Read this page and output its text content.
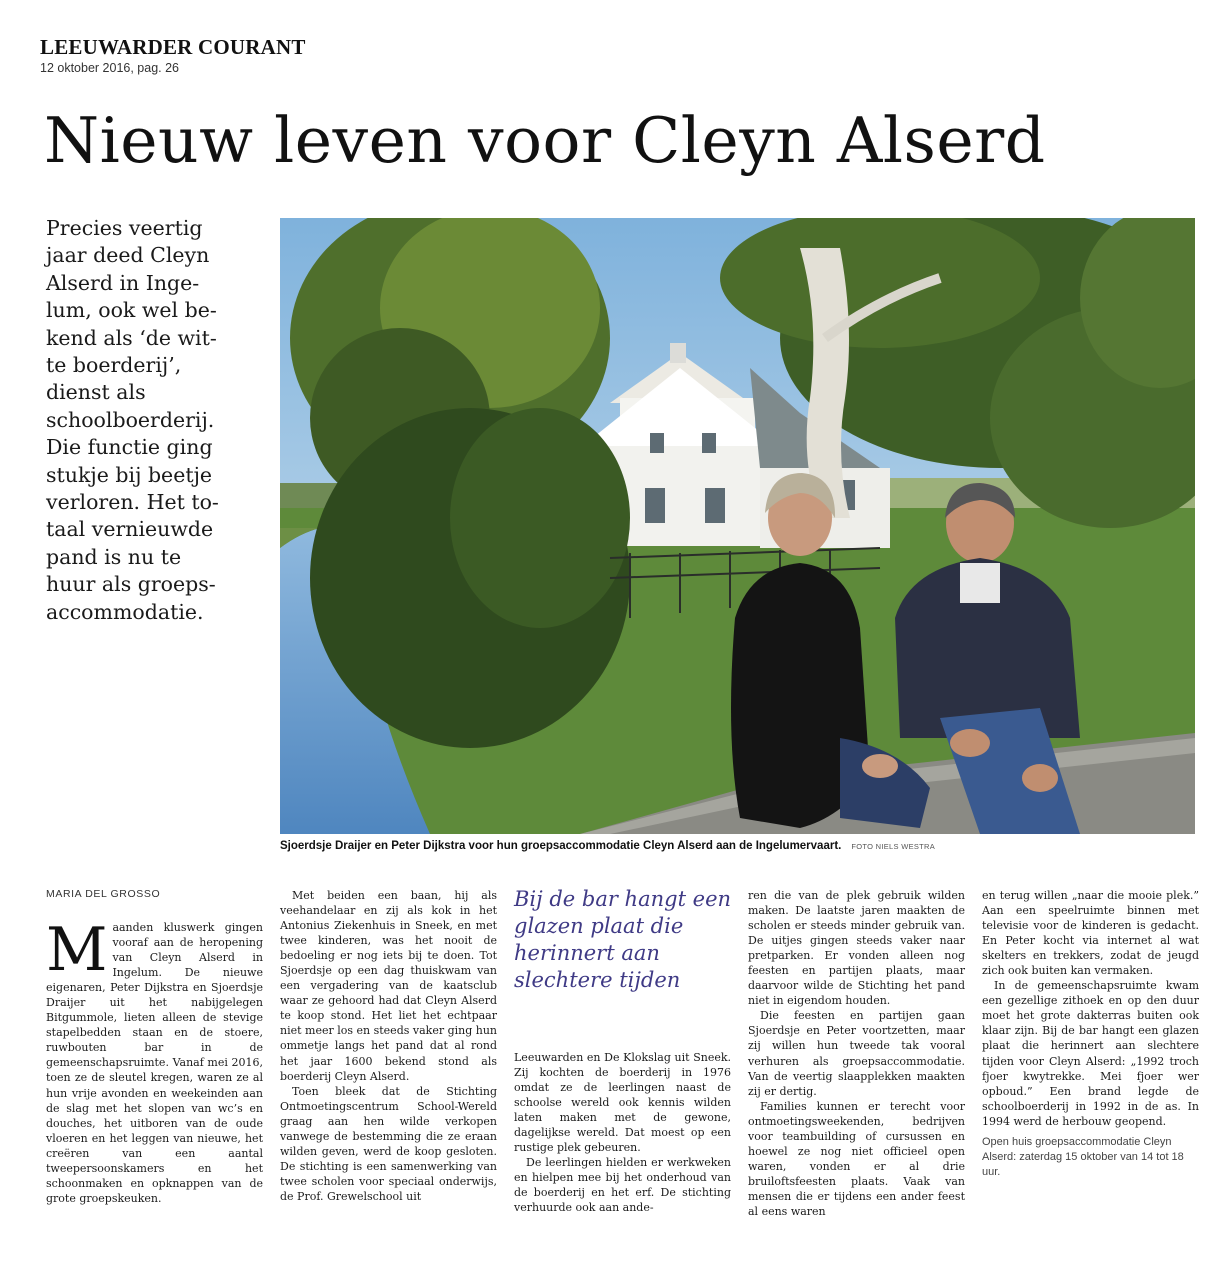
LEEUWARDER COURANT
12 oktober 2016, pag. 26
Nieuw leven voor Cleyn Alserd
Precies veertig
jaar deed Cleyn
Alserd in Inge-
lum, ook wel be-
kend als ‘de wit-
te boerderij’,
dienst als
schoolboerderij.
Die functie ging
stukje bij beetje
verloren. Het to-
taal vernieuwde
pand is nu te
huur als groeps-
accommodatie.
Sjoerdsje Draijer en Peter Dijkstra voor hun groepsaccommodatie Cleyn Alserd aan de Ingelumervaart. FOTO NIELS WESTRA
MARIA DEL GROSSO
M aanden kluswerk gingen vooraf aan de heropening van Cleyn Alserd in Ingelum. De nieuwe eigenaren, Peter Dijkstra en Sjoerdsje Draijer uit het nabijgelegen Bitgummole, lieten alleen de stevige stapelbedden staan en de stoere, ruwbouten bar in de gemeenschapsruimte. Vanaf mei 2016, toen ze de sleutel kregen, waren ze al hun vrije avonden en weekeinden aan de slag met het slopen van wc’s en douches, het uitboren van de oude vloeren en het leggen van nieuwe, het creëren van een aantal tweepersoonskamers en het schoonmaken en opknappen van de grote groepskeuken.

Met beiden een baan, hij als veehandelaar en zij als kok in het Antonius Ziekenhuis in Sneek, en met twee kinderen, was het nooit de bedoeling er nog iets bij te doen. Tot Sjoerdsje op een dag thuiskwam van een vergadering van de kaatsclub waar ze gehoord had dat Cleyn Alserd te koop stond. Het liet het echtpaar niet meer los en steeds vaker ging hun ommetje langs het pand dat al rond het jaar 1600 bekend stond als boerderij Cleyn Alserd.

Toen bleek dat de Stichting Ontmoetingscentrum School-Wereld graag aan hen wilde verkopen vanwege de bestemming die ze eraan wilden geven, werd de koop gesloten. De stichting is een samenwerking van twee scholen voor speciaal onderwijs, de Prof. Grewelschool uit

Bij de bar hangt een glazen plaat die herinnert aan slechtere tijden

Leeuwarden en De Klokslag uit Sneek. Zij kochten de boerderij in 1976 omdat ze de leerlingen naast de schoolse wereld ook kennis wilden laten maken met de gewone, dagelijkse wereld. Dat moest op een rustige plek gebeuren.

De leerlingen hielden er werkweken en hielpen mee bij het onderhoud van de boerderij en het erf. De stichting verhuurde ook aan ande-

ren die van de plek gebruik wilden maken. De laatste jaren maakten de scholen er steeds minder gebruik van. De uitjes gingen steeds vaker naar pretparken. Er vonden alleen nog feesten en partijen plaats, maar daarvoor wilde de Stichting het pand niet in eigendom houden.

Die feesten en partijen gaan Sjoerdsje en Peter voortzetten, maar zij willen hun tweede tak vooral verhuren als groepsaccommodatie. Van de veertig slaapplekken maakten zij er dertig.

Families kunnen er terecht voor ontmoetingsweekenden, bedrijven voor teambuilding of cursussen en hoewel ze nog niet officieel open waren, vonden er al drie bruiloftsfeesten plaats. Vaak van mensen die er tijdens een ander feest al eens waren

en terug willen „naar die mooie plek.” Aan een speelruimte binnen met televisie voor de kinderen is gedacht. En Peter kocht via internet al wat skelters en trekkers, zodat de jeugd zich ook buiten kan vermaken.

In de gemeenschapsruimte kwam een gezellige zithoek en op den duur moet het grote dakterras buiten ook klaar zijn. Bij de bar hangt een glazen plaat die herinnert aan slechtere tijden voor Cleyn Alserd: „1992 troch fjoer kwytrekke. Mei fjoer wer opboud.” Een brand legde de schoolboerderij in 1992 in de as. In 1994 werd de herbouw geopend.

Open huis groepsaccommodatie Cleyn Alserd: zaterdag 15 oktober van 14 tot 18 uur.
